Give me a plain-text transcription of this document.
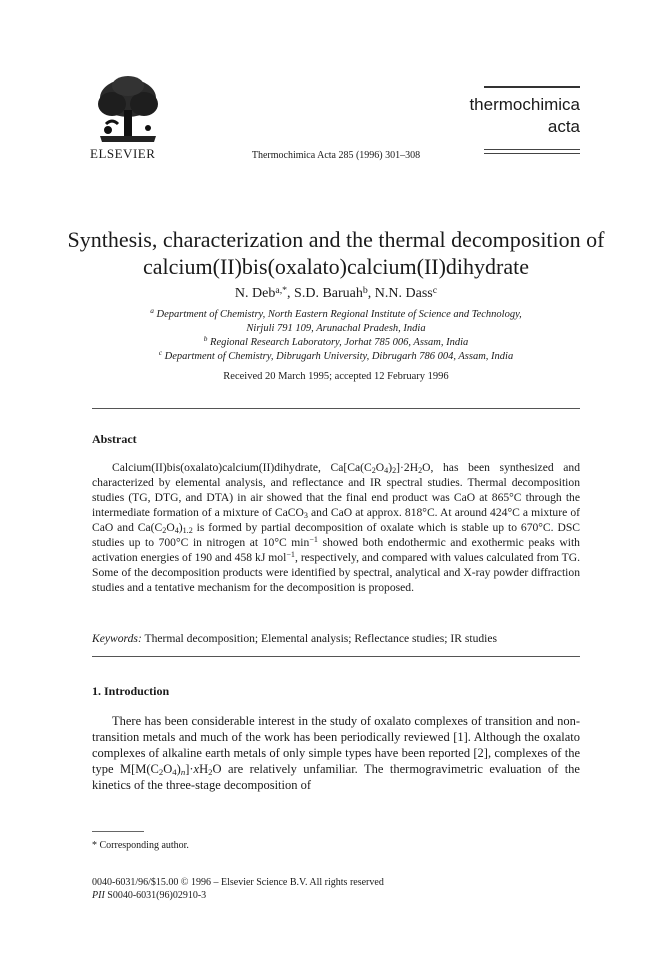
ELSEVIER	Thermochimica Acta 285 (1996) 301–308
thermochimica
acta
Synthesis, characterization and the thermal decomposition of
calcium(II)bis(oxalato)calcium(II)dihydrate
N. Deb$^{a,*}$, S.D. Baruah$^b$, N.N. Dass$^c$
$^a$ Department of Chemistry, North Eastern Regional Institute of Science and Technology,
Nirjuli 791 109, Arunachal Pradesh, India
$^b$ Regional Research Laboratory, Jorhat 785 006, Assam, India
$^c$ Department of Chemistry, Dibrugarh University, Dibrugarh 786 004, Assam, India
Received 20 March 1995; accepted 12 February 1996
Abstract

Calcium(II)bis(oxalato)calcium(II)dihydrate, $Ca[Ca(C_2O_4)_2]\cdot 2H_2O$, has been synthesized and characterized by elemental analysis, and reflectance and IR spectral studies. Thermal decomposition studies (TG, DTG, and DTA) in air showed that the final end product was CaO at 865°C through the intermediate formation of a mixture of CaCO$_3$ and CaO at approx. 818°C. At around 424°C a mixture of CaO and $Ca(C_2O_4)_{1.2}$ is formed by partial decomposition of oxalate which is stable up to 670°C. DSC studies up to 700°C in nitrogen at 10°C $\min^{-1}$ showed both endothermic and exothermic peaks with activation energies of 190 and 458 kJ mol$^{-1}$, respectively, and compared with values calculated from TG. Some of the decomposition products were identified by spectral, analytical and X-ray powder diffraction studies and a tentative mechanism for the decomposition is proposed.

Keywords: Thermal decomposition; Elemental analysis; Reflectance studies; IR studies
1. Introduction

There has been considerable interest in the study of oxalato complexes of transition and non-transition metals and much of the work has been periodically reviewed [1]. Although the oxalato complexes of alkaline earth metals of only simple types have been reported [2], complexes of the type $M[M(C_2O_4)_n]\cdot xH_2O$ are relatively unfamiliar. The thermogravimetric evaluation of the kinetics of the three-stage decomposition of

* Corresponding author.
0040-6031/96/$15.00 © 1996 – Elsevier Science B.V. All rights reserved
PII S0040-6031(96)02910-3
